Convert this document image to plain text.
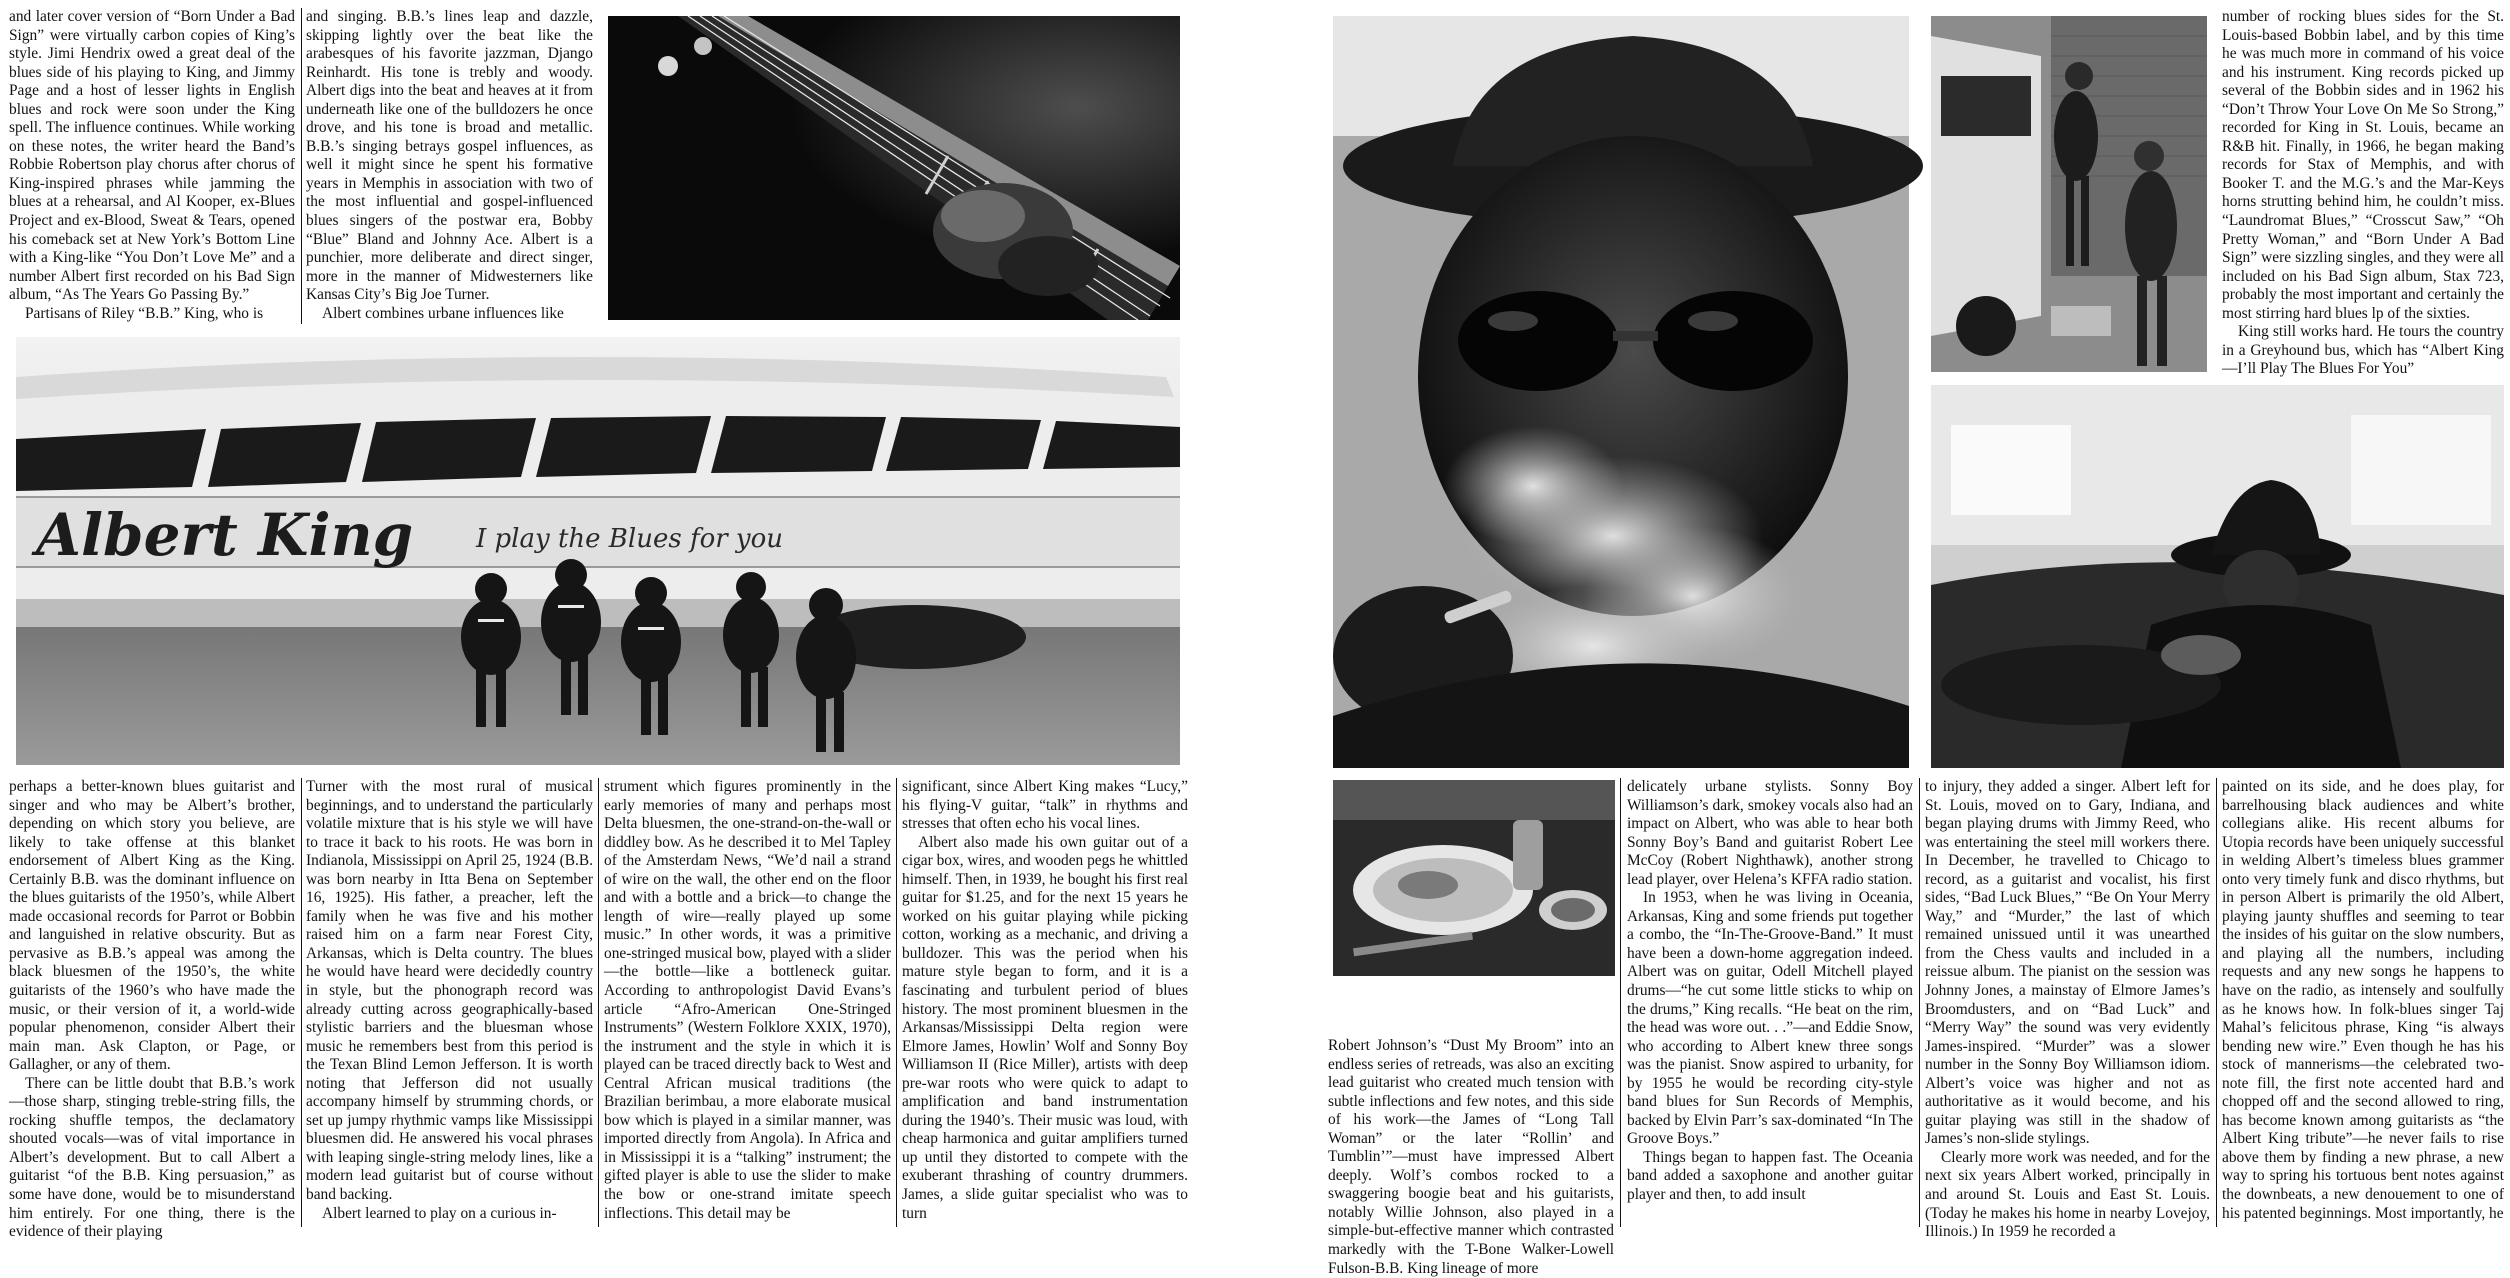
and later cover version of “Born Under a Bad Sign” were virtually carbon copies of King’s style. Jimi Hendrix owed a great deal of the blues side of his playing to King, and Jimmy Page and a host of lesser lights in English blues and rock were soon under the King spell. The influence continues. While working on these notes, the writer heard the Band’s Robbie Robertson play chorus after chorus of King-inspired phrases while jamming the blues at a rehearsal, and Al Kooper, ex-Blues Project and ex-Blood, Sweat & Tears, opened his comeback set at New York’s Bottom Line with a King-like “You Don’t Love Me” and a number Albert first recorded on his Bad Sign album, “As The Years Go Passing By.”

Partisans of Riley “B.B.” King, who is

and singing. B.B.’s lines leap and dazzle, skipping lightly over the beat like the arabesques of his favorite jazzman, Django Reinhardt. His tone is trebly and woody. Albert digs into the beat and heaves at it from underneath like one of the bulldozers he once drove, and his tone is broad and metallic. B.B.’s singing betrays gospel influences, as well it might since he spent his formative years in Memphis in association with two of the most influential and gospel-influenced blues singers of the postwar era, Bobby “Blue” Bland and Johnny Ace. Albert is a punchier, more deliberate and direct singer, more in the manner of Midwesterners like Kansas City’s Big Joe Turner.

Albert combines urbane influences like

Albert King I play the Blues for you

perhaps a better-known blues guitarist and singer and who may be Albert’s brother, depending on which story you believe, are likely to take offense at this blanket endorsement of Albert King as the King. Certainly B.B. was the dominant influence on the blues guitarists of the 1950’s, while Albert made occasional records for Parrot or Bobbin and languished in relative obscurity. But as pervasive as B.B.’s appeal was among the black bluesmen of the 1950’s, the white guitarists of the 1960’s who have made the music, or their version of it, a world-wide popular phenomenon, consider Albert their main man. Ask Clapton, or Page, or Gallagher, or any of them.

There can be little doubt that B.B.’s work—those sharp, stinging treble-string fills, the rocking shuffle tempos, the declamatory shouted vocals—was of vital importance in Albert’s development. But to call Albert a guitarist “of the B.B. King persuasion,” as some have done, would be to misunderstand him entirely. For one thing, there is the evidence of their playing

Turner with the most rural of musical beginnings, and to understand the particularly volatile mixture that is his style we will have to trace it back to his roots. He was born in Indianola, Mississippi on April 25, 1924 (B.B. was born nearby in Itta Bena on September 16, 1925). His father, a preacher, left the family when he was five and his mother raised him on a farm near Forest City, Arkansas, which is Delta country. The blues he would have heard were decidedly country in style, but the phonograph record was already cutting across geographically-based stylistic barriers and the bluesman whose music he remembers best from this period is the Texan Blind Lemon Jefferson. It is worth noting that Jefferson did not usually accompany himself by strumming chords, or set up jumpy rhythmic vamps like Mississippi bluesmen did. He answered his vocal phrases with leaping single-string melody lines, like a modern lead guitarist but of course without band backing.

Albert learned to play on a curious in-

strument which figures prominently in the early memories of many and perhaps most Delta bluesmen, the one-strand-on-the-wall or diddley bow. As he described it to Mel Tapley of the Amsterdam News, “We’d nail a strand of wire on the wall, the other end on the floor and with a bottle and a brick—to change the length of wire—really played up some music.” In other words, it was a primitive one-stringed musical bow, played with a slider—the bottle—like a bottleneck guitar. According to anthropologist David Evans’s article “Afro-American One-Stringed Instruments” (Western Folklore XXIX, 1970), the instrument and the style in which it is played can be traced directly back to West and Central African musical traditions (the Brazilian berimbau, a more elaborate musical bow which is played in a similar manner, was imported directly from Angola). In Africa and in Mississippi it is a “talking” instrument; the gifted player is able to use the slider to make the bow or one-strand imitate speech inflections. This detail may be

significant, since Albert King makes “Lucy,” his flying-V guitar, “talk” in rhythms and stresses that often echo his vocal lines.

Albert also made his own guitar out of a cigar box, wires, and wooden pegs he whittled himself. Then, in 1939, he bought his first real guitar for $1.25, and for the next 15 years he worked on his guitar playing while picking cotton, working as a mechanic, and driving a bulldozer. This was the period when his mature style began to form, and it is a fascinating and turbulent period of blues history. The most prominent bluesmen in the Arkansas/Mississippi Delta region were Elmore James, Howlin’ Wolf and Sonny Boy Williamson II (Rice Miller), artists with deep pre-war roots who were quick to adapt to amplification and band instrumentation during the 1940’s. Their music was loud, with cheap harmonica and guitar amplifiers turned up until they distorted to compete with the exuberant thrashing of country drummers. James, a slide guitar specialist who was to turn

number of rocking blues sides for the St. Louis-based Bobbin label, and by this time he was much more in command of his voice and his instrument. King records picked up several of the Bobbin sides and in 1962 his “Don’t Throw Your Love On Me So Strong,” recorded for King in St. Louis, became an R&B hit. Finally, in 1966, he began making records for Stax of Memphis, and with Booker T. and the M.G.’s and the Mar-Keys horns strutting behind him, he couldn’t miss. “Laundromat Blues,” “Crosscut Saw,” “Oh Pretty Woman,” and “Born Under A Bad Sign” were sizzling singles, and they were all included on his Bad Sign album, Stax 723, probably the most important and certainly the most stirring hard blues lp of the sixties.

King still works hard. He tours the country in a Greyhound bus, which has “Albert King—I’ll Play The Blues For You”

Robert Johnson’s “Dust My Broom” into an endless series of retreads, was also an exciting lead guitarist who created much tension with subtle inflections and few notes, and this side of his work—the James of “Long Tall Woman” or the later “Rollin’ and Tumblin’”—must have impressed Albert deeply. Wolf’s combos rocked to a swaggering boogie beat and his guitarists, notably Willie Johnson, also played in a simple-but-effective manner which contrasted markedly with the T-Bone Walker-Lowell Fulson-B.B. King lineage of more

delicately urbane stylists. Sonny Boy Williamson’s dark, smokey vocals also had an impact on Albert, who was able to hear both Sonny Boy’s Band and guitarist Robert Lee McCoy (Robert Nighthawk), another strong lead player, over Helena’s KFFA radio station.

In 1953, when he was living in Oceania, Arkansas, King and some friends put together a combo, the “In-The-Groove-Band.” It must have been a down-home aggregation indeed. Albert was on guitar, Odell Mitchell played drums—“he cut some little sticks to whip on the drums,” King recalls. “He beat on the rim, the head was wore out. . .”—and Eddie Snow, who according to Albert knew three songs was the pianist. Snow aspired to urbanity, for by 1955 he would be recording city-style band blues for Sun Records of Memphis, backed by Elvin Parr’s sax-dominated “In The Groove Boys.”

Things began to happen fast. The Oceania band added a saxophone and another guitar player and then, to add insult

to injury, they added a singer. Albert left for St. Louis, moved on to Gary, Indiana, and began playing drums with Jimmy Reed, who was entertaining the steel mill workers there. In December, he travelled to Chicago to record, as a guitarist and vocalist, his first sides, “Bad Luck Blues,” “Be On Your Merry Way,” and “Murder,” the last of which remained unissued until it was unearthed from the Chess vaults and included in a reissue album. The pianist on the session was Johnny Jones, a mainstay of Elmore James’s Broomdusters, and on “Bad Luck” and “Merry Way” the sound was very evidently James-inspired. “Murder” was a slower number in the Sonny Boy Williamson idiom. Albert’s voice was higher and not as authoritative as it would become, and his guitar playing was still in the shadow of James’s non-slide stylings.

Clearly more work was needed, and for the next six years Albert worked, principally in and around St. Louis and East St. Louis. (Today he makes his home in nearby Lovejoy, Illinois.) In 1959 he recorded a

painted on its side, and he does play, for barrelhousing black audiences and white collegians alike. His recent albums for Utopia records have been uniquely successful in welding Albert’s timeless blues grammer onto very timely funk and disco rhythms, but in person Albert is primarily the old Albert, playing jaunty shuffles and seeming to tear the insides of his guitar on the slow numbers, and playing all the numbers, including requests and any new songs he happens to have on the radio, as intensely and soulfully as he knows how. In folk-blues singer Taj Mahal’s felicitous phrase, King “is always bending new wire.” Even though he has his stock of mannerisms—the celebrated two-note fill, the first note accented hard and chopped off and the second allowed to ring, has become known among guitarists as “the Albert King tribute”—he never fails to rise above them by finding a new phrase, a new way to spring his tortuous bent notes against the downbeats, a new denouement to one of his patented beginnings. Most importantly, he
